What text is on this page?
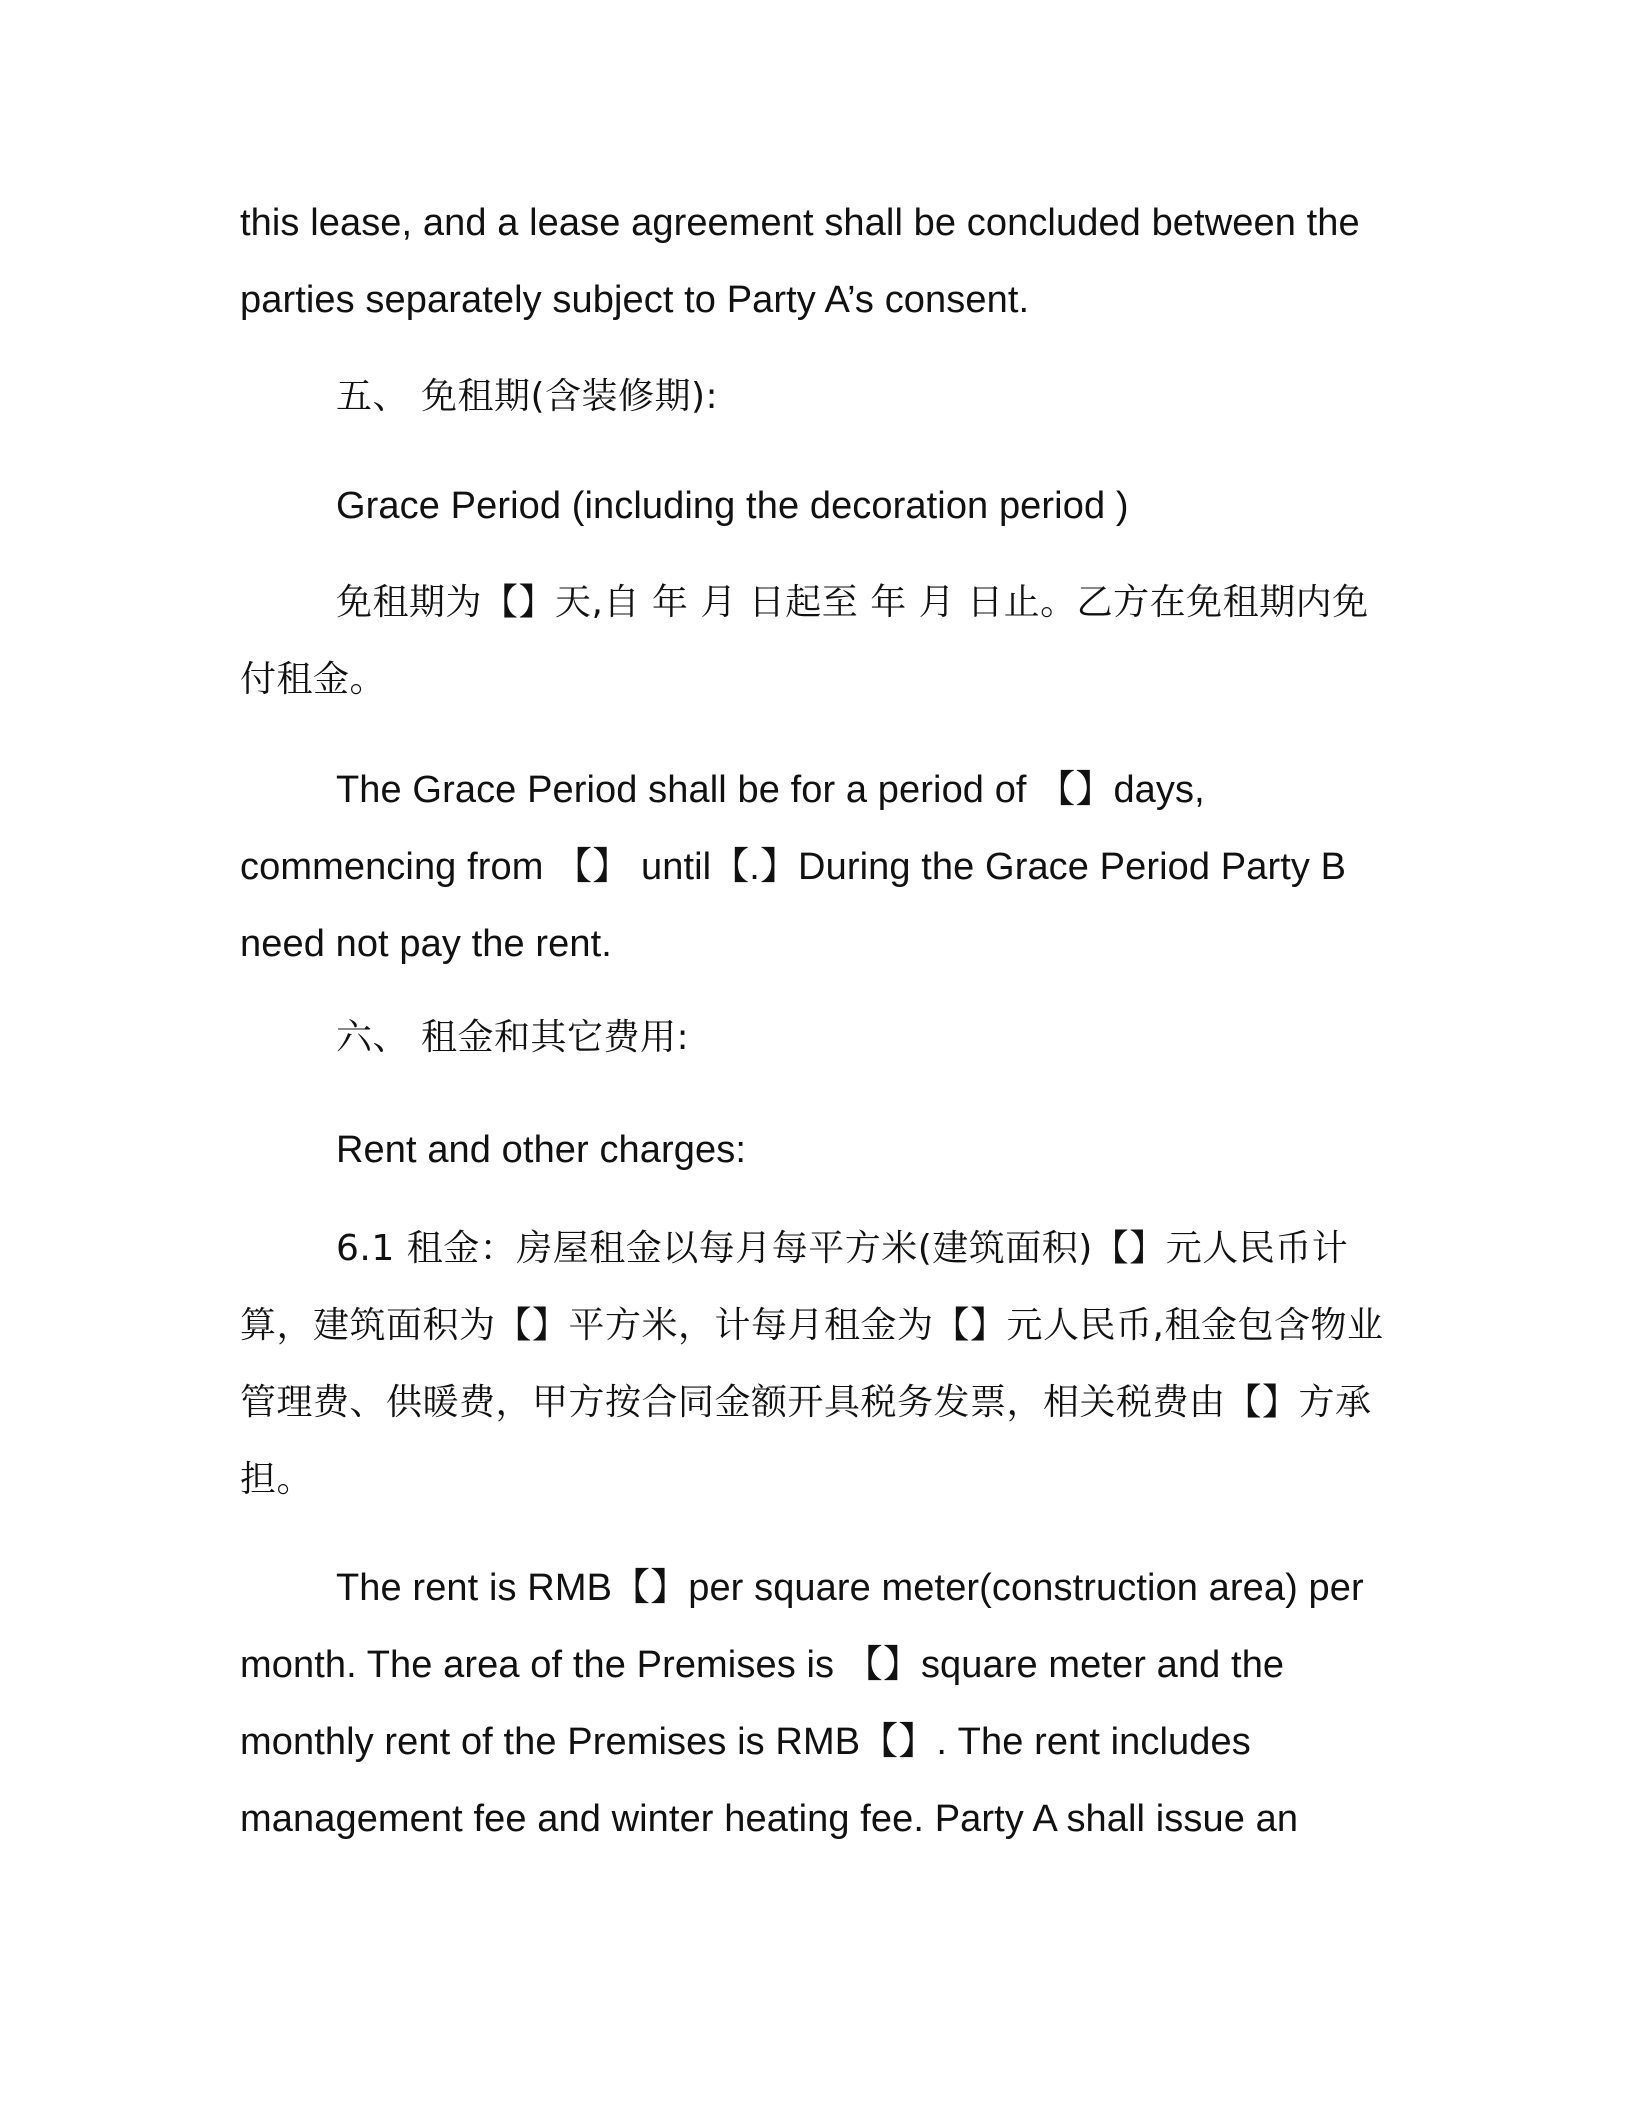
this lease, and a lease agreement shall be concluded between the parties separately subject to Party A’s consent.

五、 免租期(含装修期):

Grace Period (including the decoration period )

免租期为【】天,自 年 月 日起至 年 月 日止。乙方在免租期内免付租金。

The Grace Period shall be for a period of 【】days, commencing from 【】 until【.】During the Grace Period Party B need not pay the rent.

六、 租金和其它费用:

Rent and other charges:

6.1 租金：房屋租金以每月每平方米(建筑面积)【】元人民币计算，建筑面积为【】平方米，计每月租金为【】元人民币,租金包含物业管理费、供暖费，甲方按合同金额开具税务发票，相关税费由【】方承担。

The rent is RMB【】per square meter(construction area) per month. The area of the Premises is 【】square meter and the monthly rent of the Premises is RMB【】. The rent includes management fee and winter heating fee. Party A shall issue an
